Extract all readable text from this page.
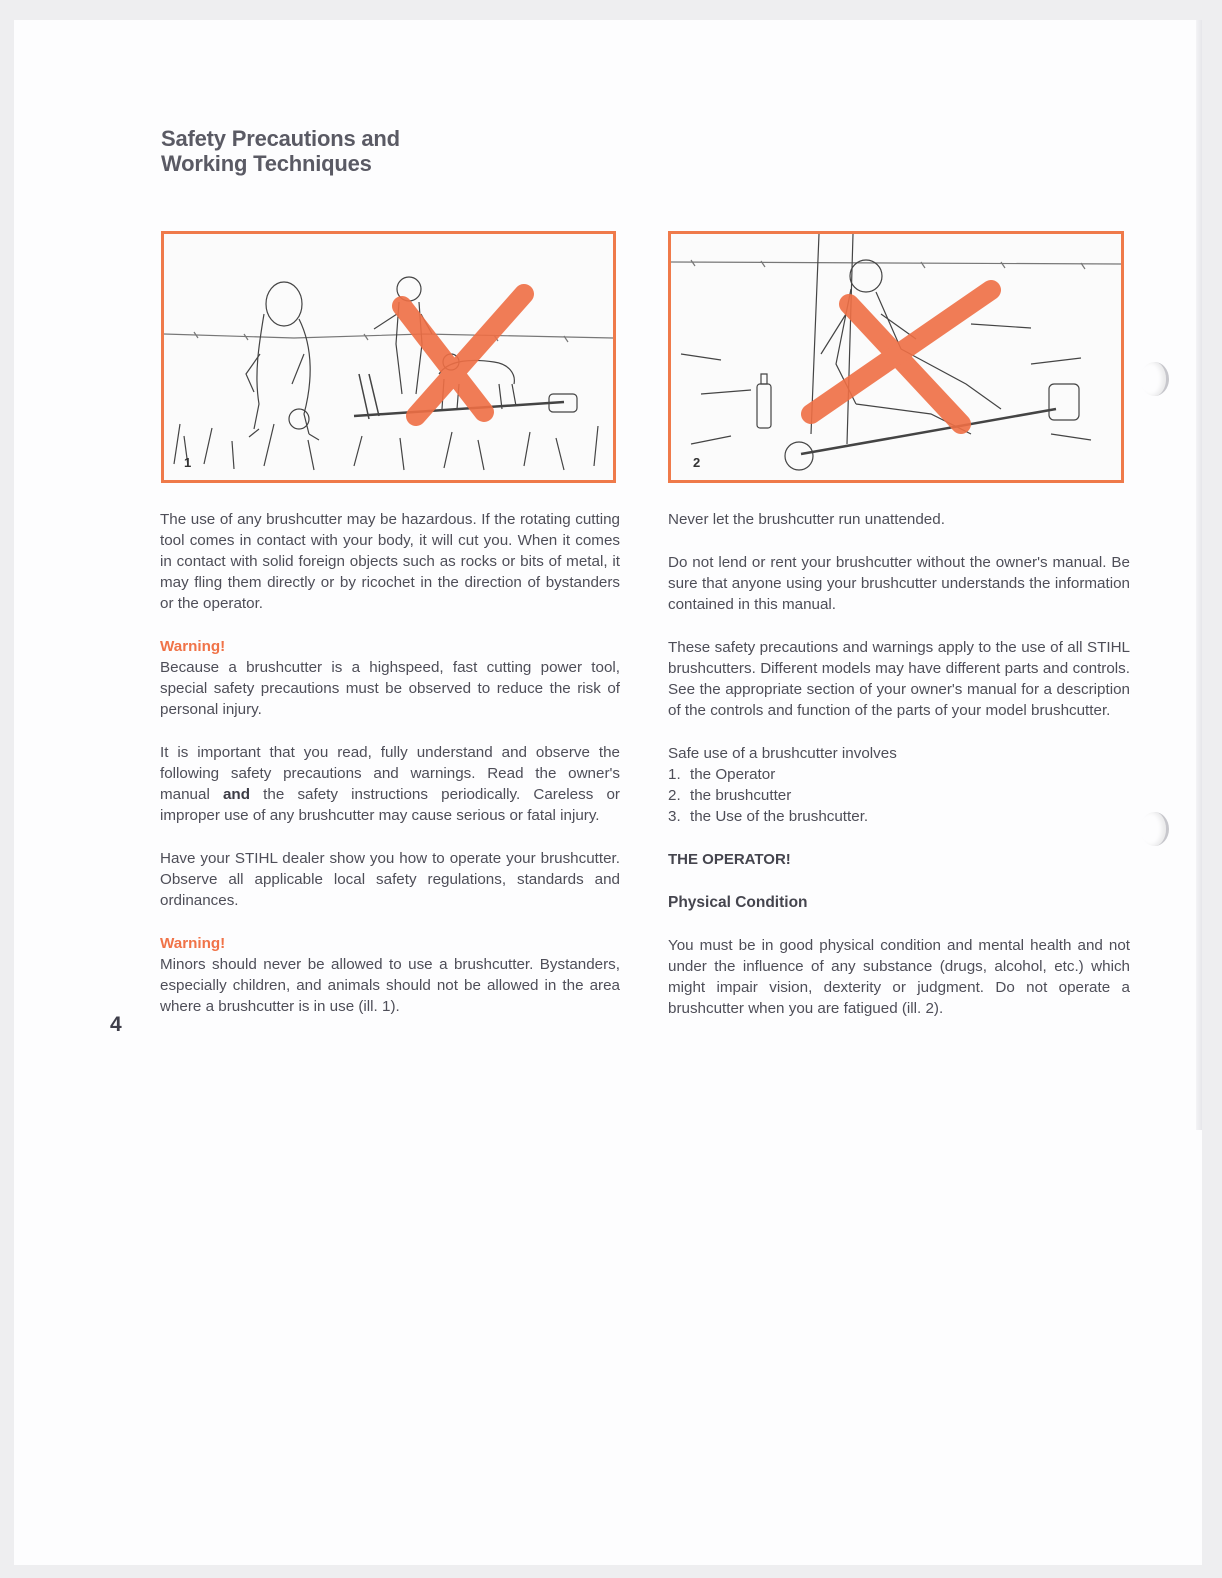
Safety Precautions and
Working Techniques
1	2

The use of any brushcutter may be hazardous. If the rotating cutting tool comes in contact with your body, it will cut you. When it comes in contact with solid foreign objects such as rocks or bits of metal, it may fling them directly or by ricochet in the direction of bystanders or the operator.

Warning!
Because a brushcutter is a highspeed, fast cutting power tool, special safety precautions must be observed to reduce the risk of personal injury.

It is important that you read, fully understand and observe the following safety precautions and warnings. Read the owner's manual and the safety instructions periodically. Careless or improper use of any brushcutter may cause serious or fatal injury.

Have your STIHL dealer show you how to operate your brushcutter. Observe all applicable local safety regulations, standards and ordinances.

Warning!
Minors should never be allowed to use a brushcutter. Bystanders, especially children, and animals should not be allowed in the area where a brushcutter is in use (ill. 1).

4

Never let the brushcutter run unattended.

Do not lend or rent your brushcutter without the owner's manual. Be sure that anyone using your brushcutter understands the information contained in this manual.

These safety precautions and warnings apply to the use of all STIHL brushcutters. Different models may have different parts and controls. See the appropriate section of your owner's manual for a description of the controls and function of the parts of your model brushcutter.

Safe use of a brushcutter involves
1. the Operator
2. the brushcutter
3. the Use of the brushcutter.
THE OPERATOR!
Physical Condition

You must be in good physical condition and mental health and not under the influence of any substance (drugs, alcohol, etc.) which might impair vision, dexterity or judgment. Do not operate a brushcutter when you are fatigued (ill. 2).
